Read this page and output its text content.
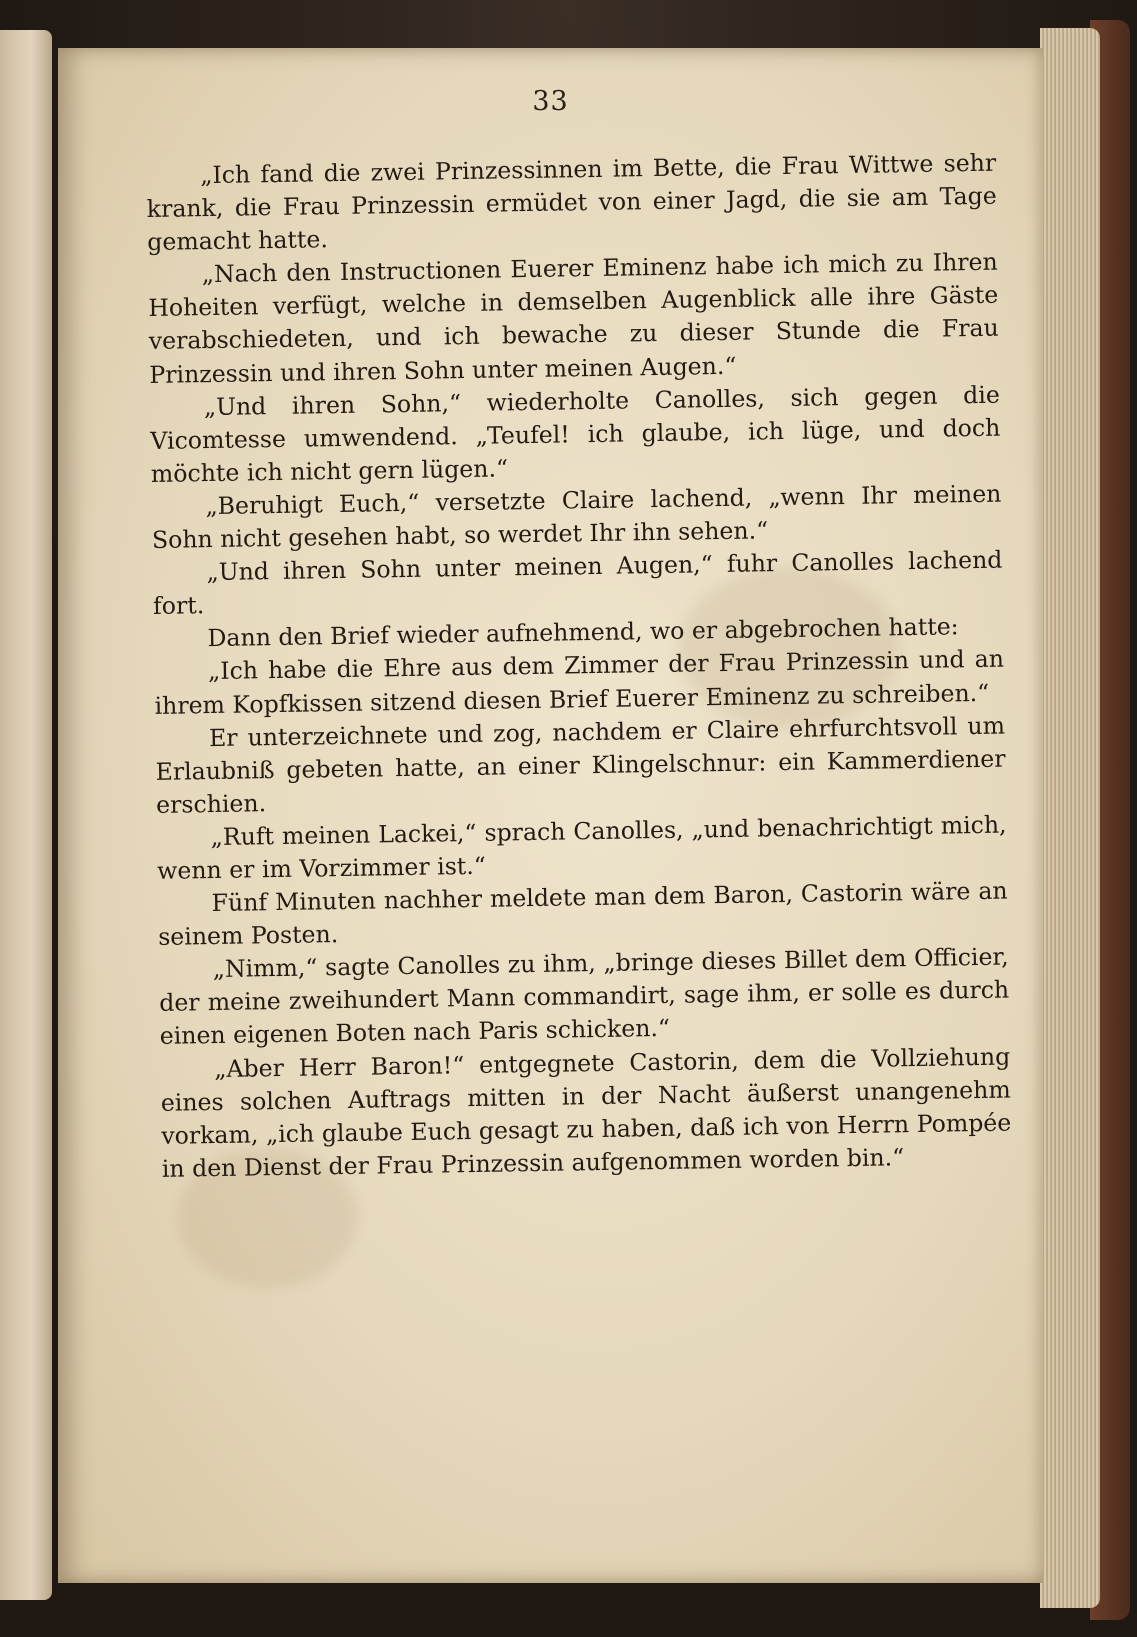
33

„Ich fand die zwei Prinzessinnen im Bette, die Frau Wittwe sehr krank, die Frau Prinzessin ermüdet von einer Jagd, die sie am Tage gemacht hatte.

„Nach den Instructionen Euerer Eminenz habe ich mich zu Ihren Hoheiten verfügt, welche in demselben Augenblick alle ihre Gäste verabschiedeten, und ich bewache zu dieser Stunde die Frau Prinzessin und ihren Sohn unter meinen Augen.“

„Und ihren Sohn,“ wiederholte Canolles, sich gegen die Vicomtesse umwendend. „Teufel! ich glaube, ich lüge, und doch möchte ich nicht gern lügen.“

„Beruhigt Euch,“ versetzte Claire lachend, „wenn Ihr meinen Sohn nicht gesehen habt, so werdet Ihr ihn sehen.“

„Und ihren Sohn unter meinen Augen,“ fuhr Canolles lachend fort.

Dann den Brief wieder aufnehmend, wo er abgebrochen hatte:

„Ich habe die Ehre aus dem Zimmer der Frau Prinzessin und an ihrem Kopfkissen sitzend diesen Brief Euerer Eminenz zu schreiben.“

Er unterzeichnete und zog, nachdem er Claire ehrfurchtsvoll um Erlaubniß gebeten hatte, an einer Klingelschnur: ein Kammerdiener erschien.

„Ruft meinen Lackei,“ sprach Canolles, „und benachrichtigt mich, wenn er im Vorzimmer ist.“

Fünf Minuten nachher meldete man dem Baron, Castorin wäre an seinem Posten.

„Nimm,“ sagte Canolles zu ihm, „bringe dieses Billet dem Officier, der meine zweihundert Mann commandirt, sage ihm, er solle es durch einen eigenen Boten nach Paris schicken.“

„Aber Herr Baron!“ entgegnete Castorin, dem die Vollziehung eines solchen Auftrags mitten in der Nacht äußerst unangenehm vorkam, „ich glaube Euch gesagt zu haben, daß ich von Herrn Pompée in den Dienst der Frau Prinzessin aufgenommen worden bin.“
